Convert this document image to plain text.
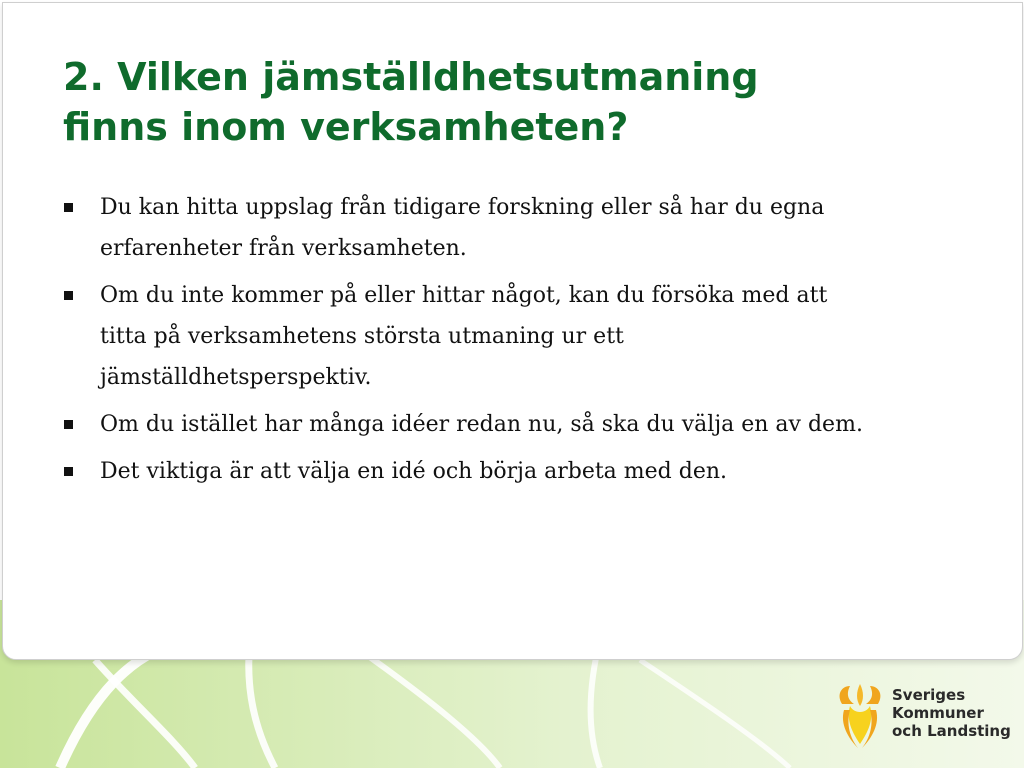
2. Vilken jämställdhetsutmaning
finns inom verksamheten?
Du kan hitta uppslag från tidigare forskning eller så har du egna
erfarenheter från verksamheten.
Om du inte kommer på eller hittar något, kan du försöka med att
titta på verksamhetens största utmaning ur ett
jämställdhetsperspektiv.
Om du istället har många idéer redan nu, så ska du välja en av dem.
Det viktiga är att välja en idé och börja arbeta med den.
Sveriges
Kommuner
och Landsting
